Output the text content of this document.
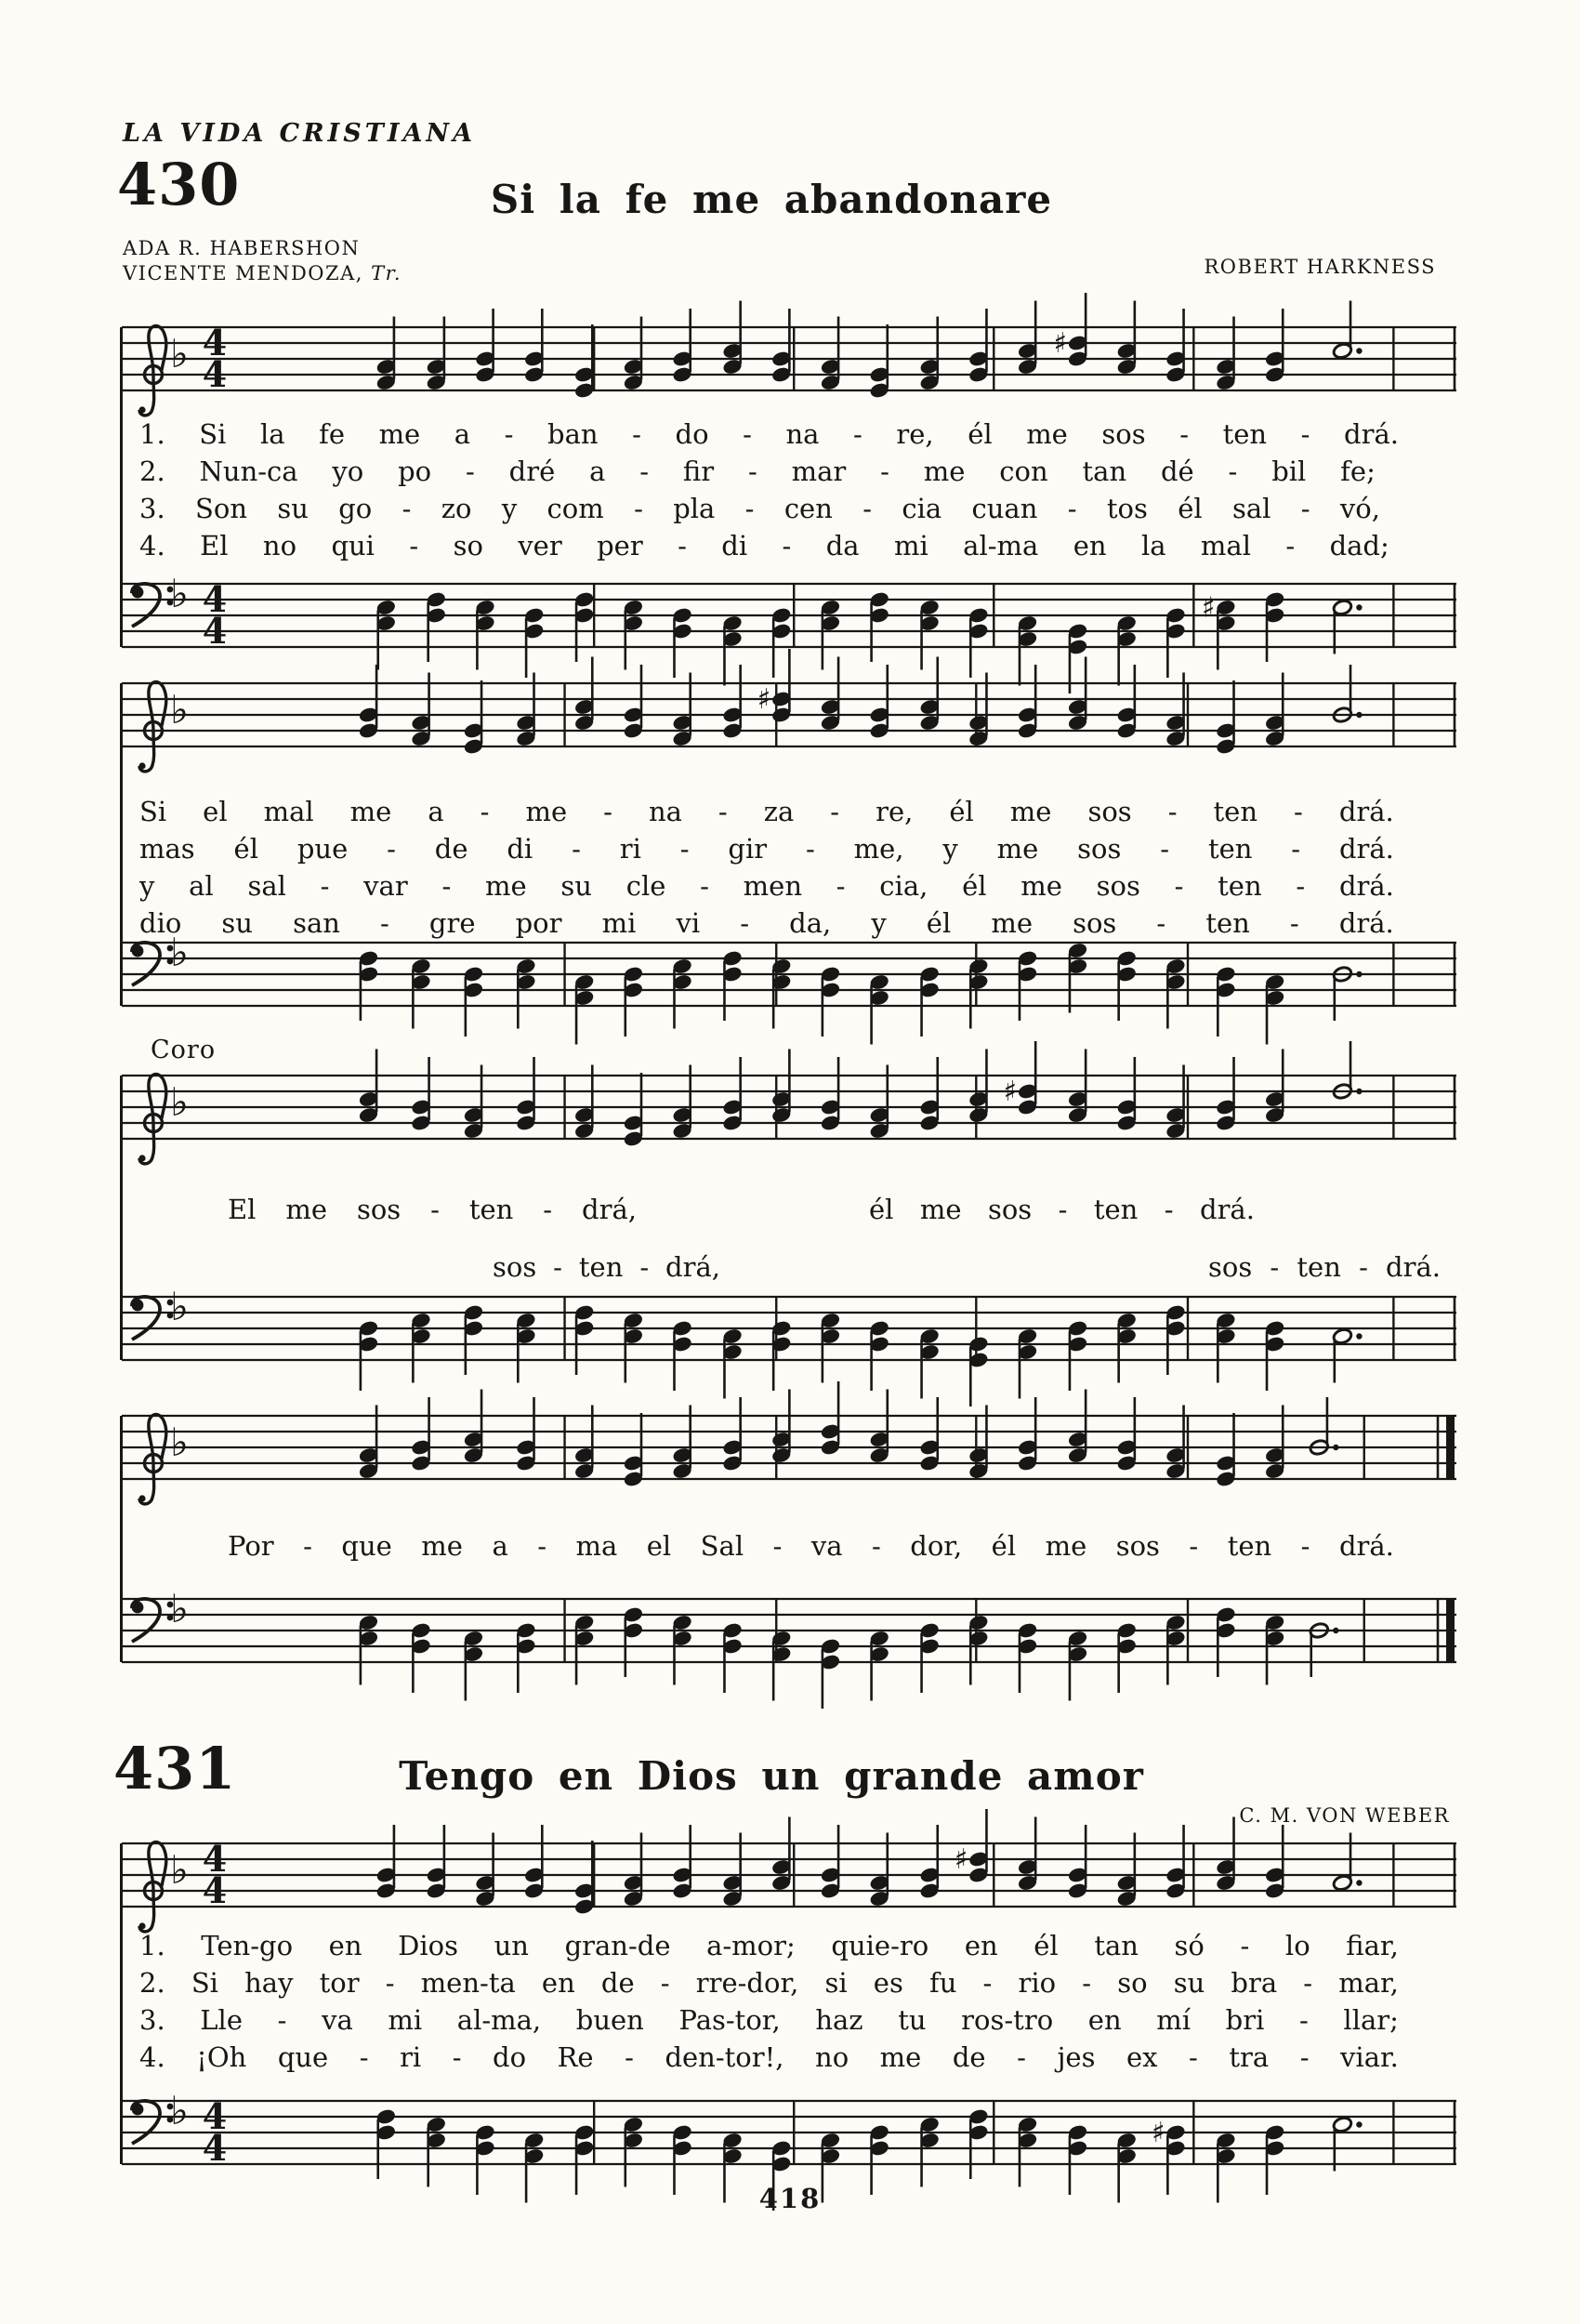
LA VIDA CRISTIANA
430	Si la fe me abandonare
ADA R. HABERSHON
VICENTE MENDOZA, Tr.	ROBERT HARKNESS
1. Si la fe me a - ban - do - na - re, él me sos - ten - drá.
2. Nun-ca yo po - dré a - fir - mar - me con tan dé - bil fe;
3. Son su go - zo y com - pla - cen - cia cuan - tos él sal - vó,
4. El no qui - so ver per - di - da mi al-ma en la mal - dad;
Si el mal me a - me - na - za - re, él me sos - ten - drá.
mas él pue - de di - ri - gir - me, y me sos - ten - drá.
y al sal - var - me su cle - men - cia, él me sos - ten - drá.
dio su san - gre por mi vi - da, y él me sos - ten - drá.
Coro
El me sos - ten - drá,	él me sos - ten - drá.
sos - ten - drá,	sos - ten - drá.
Por - que me a - ma el Sal - va - dor, él me sos - ten - drá.
431	Tengo en Dios un grande amor
C. M. VON WEBER
1. Ten-go en Dios un gran-de a-mor; quie-ro en él tan só - lo fiar,
2. Si hay tor - men-ta en de - rre-dor, si es fu - rio - so su bra - mar,
3. Lle - va mi al-ma, buen Pas-tor, haz tu ros-tro en mí bri - llar;
4. ¡Oh que - ri - do Re - den-tor!, no me de - jes ex - tra - viar.
♭ 4
4
♯
♭ 4
4
♯
♭	♯
♭
♭	♯
♭
♭
♭
♭ 4
4
♯
♭ 4
4	♯
418
